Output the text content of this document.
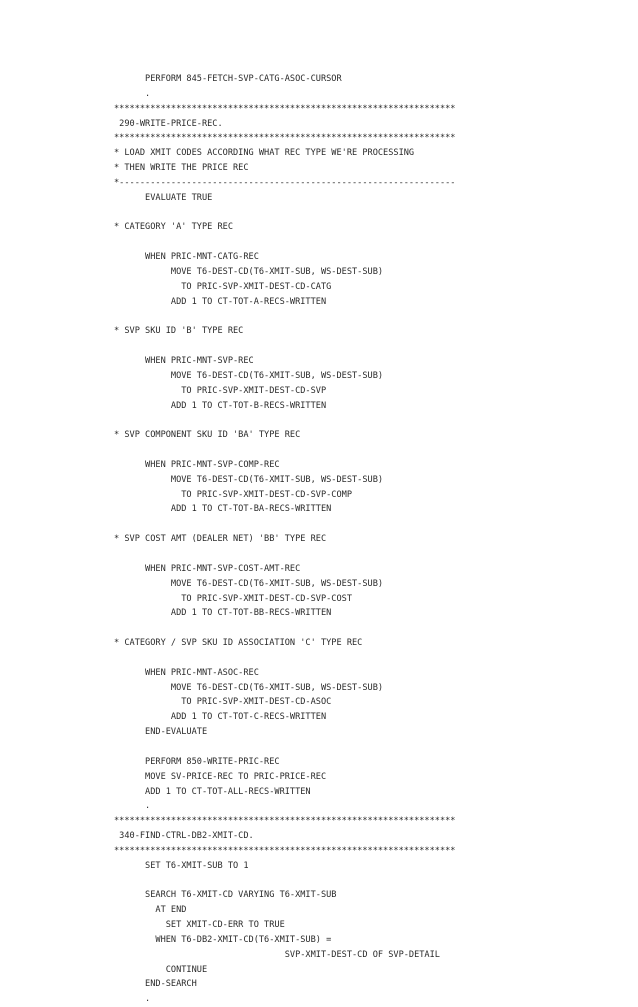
PERFORM 845-FETCH-SVP-CATG-ASOC-CURSOR
.
******************************************************************
290-WRITE-PRICE-REC.
******************************************************************
* LOAD XMIT CODES ACCORDING WHAT REC TYPE WE'RE PROCESSING
* THEN WRITE THE PRICE REC
*-----------------------------------------------------------------
EVALUATE TRUE

* CATEGORY 'A' TYPE REC

WHEN PRIC-MNT-CATG-REC
MOVE T6-DEST-CD(T6-XMIT-SUB, WS-DEST-SUB)
TO PRIC-SVP-XMIT-DEST-CD-CATG
ADD 1 TO CT-TOT-A-RECS-WRITTEN

* SVP SKU ID 'B' TYPE REC

WHEN PRIC-MNT-SVP-REC
MOVE T6-DEST-CD(T6-XMIT-SUB, WS-DEST-SUB)
TO PRIC-SVP-XMIT-DEST-CD-SVP
ADD 1 TO CT-TOT-B-RECS-WRITTEN

* SVP COMPONENT SKU ID 'BA' TYPE REC

WHEN PRIC-MNT-SVP-COMP-REC
MOVE T6-DEST-CD(T6-XMIT-SUB, WS-DEST-SUB)
TO PRIC-SVP-XMIT-DEST-CD-SVP-COMP
ADD 1 TO CT-TOT-BA-RECS-WRITTEN

* SVP COST AMT (DEALER NET) 'BB' TYPE REC

WHEN PRIC-MNT-SVP-COST-AMT-REC
MOVE T6-DEST-CD(T6-XMIT-SUB, WS-DEST-SUB)
TO PRIC-SVP-XMIT-DEST-CD-SVP-COST
ADD 1 TO CT-TOT-BB-RECS-WRITTEN

* CATEGORY / SVP SKU ID ASSOCIATION 'C' TYPE REC

WHEN PRIC-MNT-ASOC-REC
MOVE T6-DEST-CD(T6-XMIT-SUB, WS-DEST-SUB)
TO PRIC-SVP-XMIT-DEST-CD-ASOC
ADD 1 TO CT-TOT-C-RECS-WRITTEN
END-EVALUATE

PERFORM 850-WRITE-PRIC-REC
MOVE SV-PRICE-REC TO PRIC-PRICE-REC
ADD 1 TO CT-TOT-ALL-RECS-WRITTEN
.
******************************************************************
340-FIND-CTRL-DB2-XMIT-CD.
******************************************************************
SET T6-XMIT-SUB TO 1

SEARCH T6-XMIT-CD VARYING T6-XMIT-SUB
AT END
SET XMIT-CD-ERR TO TRUE
WHEN T6-DB2-XMIT-CD(T6-XMIT-SUB) =
SVP-XMIT-DEST-CD OF SVP-DETAIL
CONTINUE
END-SEARCH
.
